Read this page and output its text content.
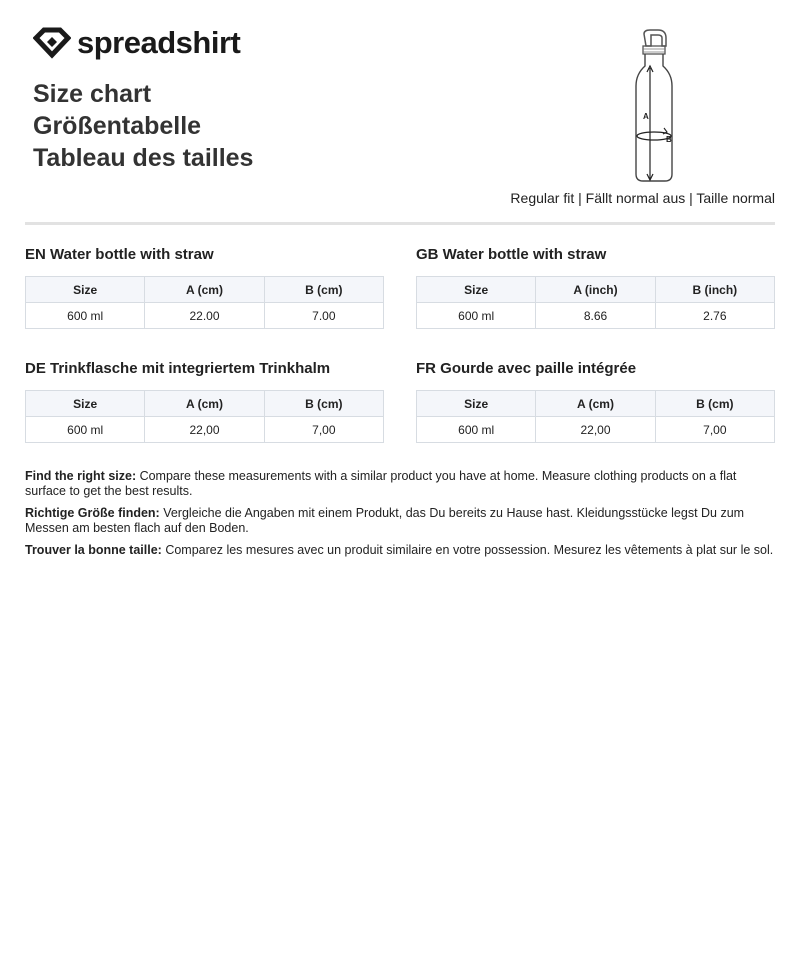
spreadshirt
Size chart
Größentabelle
Tableau des tailles
A
B
Regular fit | Fällt normal aus | Taille normal
EN Water bottle with straw
Size	A (cm)	B (cm)
600 ml	22.00	7.00
GB Water bottle with straw
Size	A (inch)	B (inch)
600 ml	8.66	2.76
DE Trinkflasche mit integriertem Trinkhalm
Size	A (cm)	B (cm)
600 ml	22,00	7,00
FR Gourde avec paille intégrée
Size	A (cm)	B (cm)
600 ml	22,00	7,00

Find the right size: Compare these measurements with a similar product you have at home. Measure clothing products on a flat surface to get the best results.

Richtige Größe finden: Vergleiche die Angaben mit einem Produkt, das Du bereits zu Hause hast. Kleidungsstücke legst Du zum Messen am besten flach auf den Boden.

Trouver la bonne taille: Comparez les mesures avec un produit similaire en votre possession. Mesurez les vêtements à plat sur le sol.
